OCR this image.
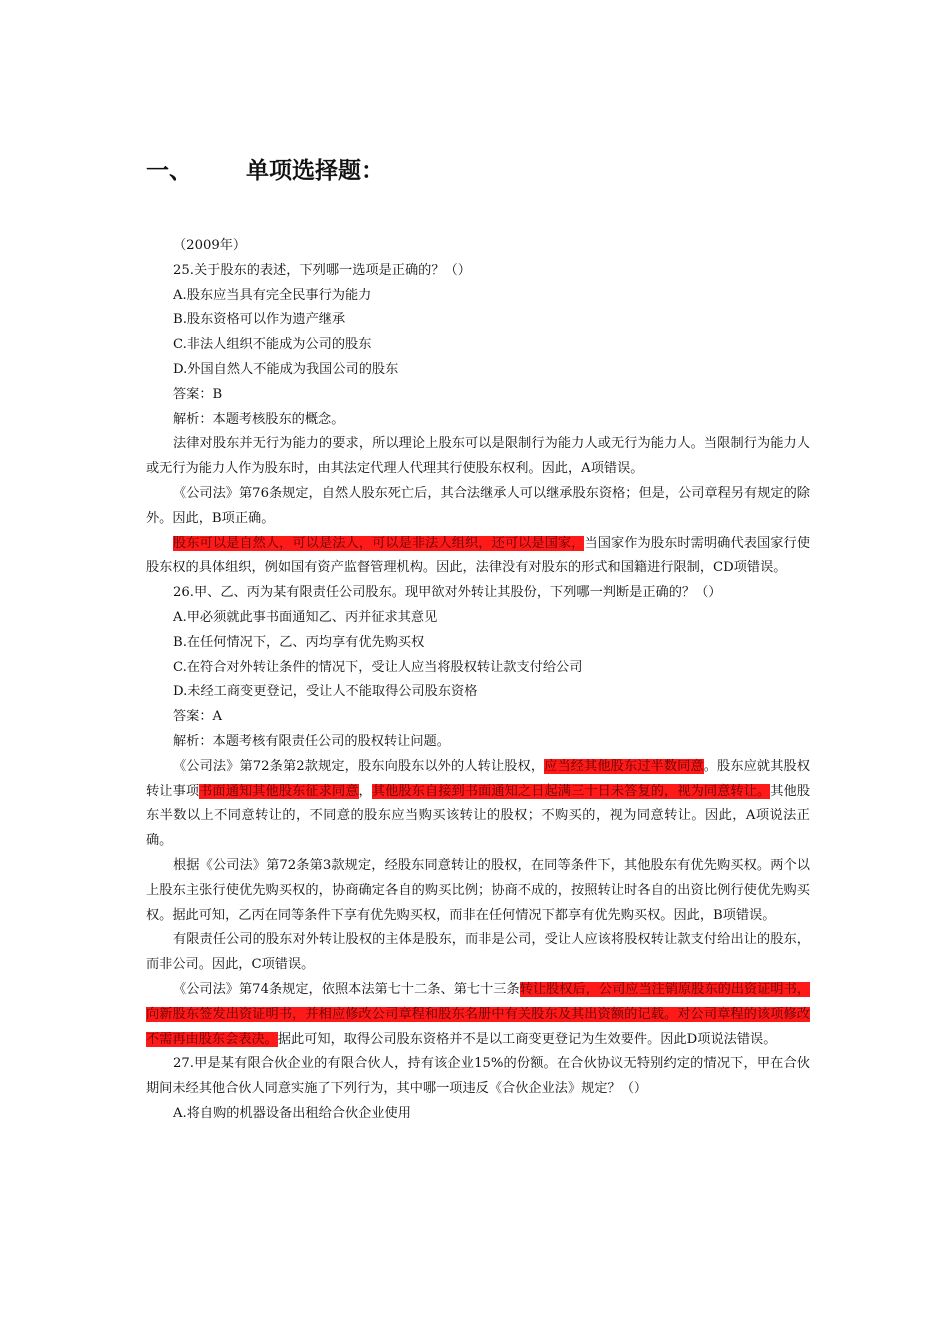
一、 单项选择题：

（2009年）

25.关于股东的表述，下列哪一选项是正确的？（）

A.股东应当具有完全民事行为能力

B.股东资格可以作为遗产继承

C.非法人组织不能成为公司的股东

D.外国自然人不能成为我国公司的股东

答案：B

解析：本题考核股东的概念。

法律对股东并无行为能力的要求，所以理论上股东可以是限制行为能力人或无行为能力人。当限制行为能力人或无行为能力人作为股东时，由其法定代理人代理其行使股东权利。因此，A项错误。

《公司法》第76条规定，自然人股东死亡后，其合法继承人可以继承股东资格；但是，公司章程另有规定的除外。因此，B项正确。

股东可以是自然人，可以是法人，可以是非法人组织，还可以是国家，当国家作为股东时需明确代表国家行使股东权的具体组织，例如国有资产监督管理机构。因此，法律没有对股东的形式和国籍进行限制，CD项错误。

26.甲、乙、丙为某有限责任公司股东。现甲欲对外转让其股份，下列哪一判断是正确的？（）

A.甲必须就此事书面通知乙、丙并征求其意见

B.在任何情况下，乙、丙均享有优先购买权

C.在符合对外转让条件的情况下，受让人应当将股权转让款支付给公司

D.未经工商变更登记，受让人不能取得公司股东资格

答案：A

解析：本题考核有限责任公司的股权转让问题。

《公司法》第72条第2款规定，股东向股东以外的人转让股权，应当经其他股东过半数同意。股东应就其股权转让事项书面通知其他股东征求同意，其他股东自接到书面通知之日起满三十日未答复的，视为同意转让。其他股东半数以上不同意转让的，不同意的股东应当购买该转让的股权；不购买的，视为同意转让。因此，A项说法正确。

根据《公司法》第72条第3款规定，经股东同意转让的股权，在同等条件下，其他股东有优先购买权。两个以上股东主张行使优先购买权的，协商确定各自的购买比例；协商不成的，按照转让时各自的出资比例行使优先购买权。据此可知，乙丙在同等条件下享有优先购买权，而非在任何情况下都享有优先购买权。因此，B项错误。

有限责任公司的股东对外转让股权的主体是股东，而非是公司，受让人应该将股权转让款支付给出让的股东，而非公司。因此，C项错误。

《公司法》第74条规定，依照本法第七十二条、第七十三条转让股权后，公司应当注销原股东的出资证明书，向新股东签发出资证明书，并相应修改公司章程和股东名册中有关股东及其出资额的记载。对公司章程的该项修改不需再由股东会表决。据此可知，取得公司股东资格并不是以工商变更登记为生效要件。因此D项说法错误。

27.甲是某有限合伙企业的有限合伙人，持有该企业15%的份额。在合伙协议无特别约定的情况下，甲在合伙期间未经其他合伙人同意实施了下列行为，其中哪一项违反《合伙企业法》规定？（）

A.将自购的机器设备出租给合伙企业使用
